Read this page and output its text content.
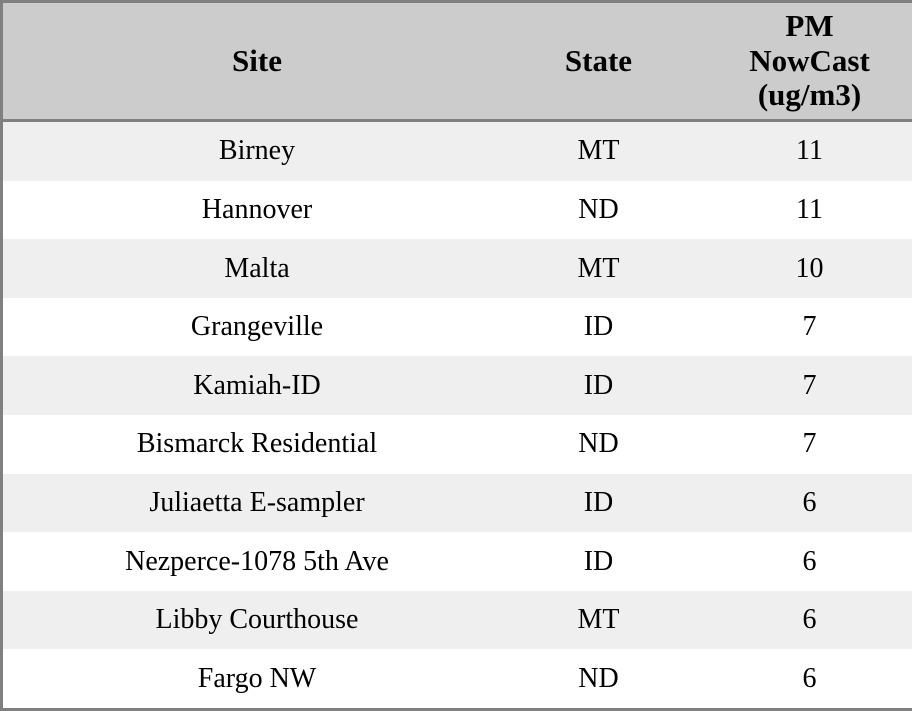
Site	State	PM
NowCast
(ug/m3)
Birney	MT	11
Hannover	ND	11
Malta	MT	10
Grangeville	ID	7
Kamiah-ID	ID	7
Bismarck Residential	ND	7
Juliaetta E-sampler	ID	6
Nezperce-1078 5th Ave	ID	6
Libby Courthouse	MT	6
Fargo NW	ND	6
